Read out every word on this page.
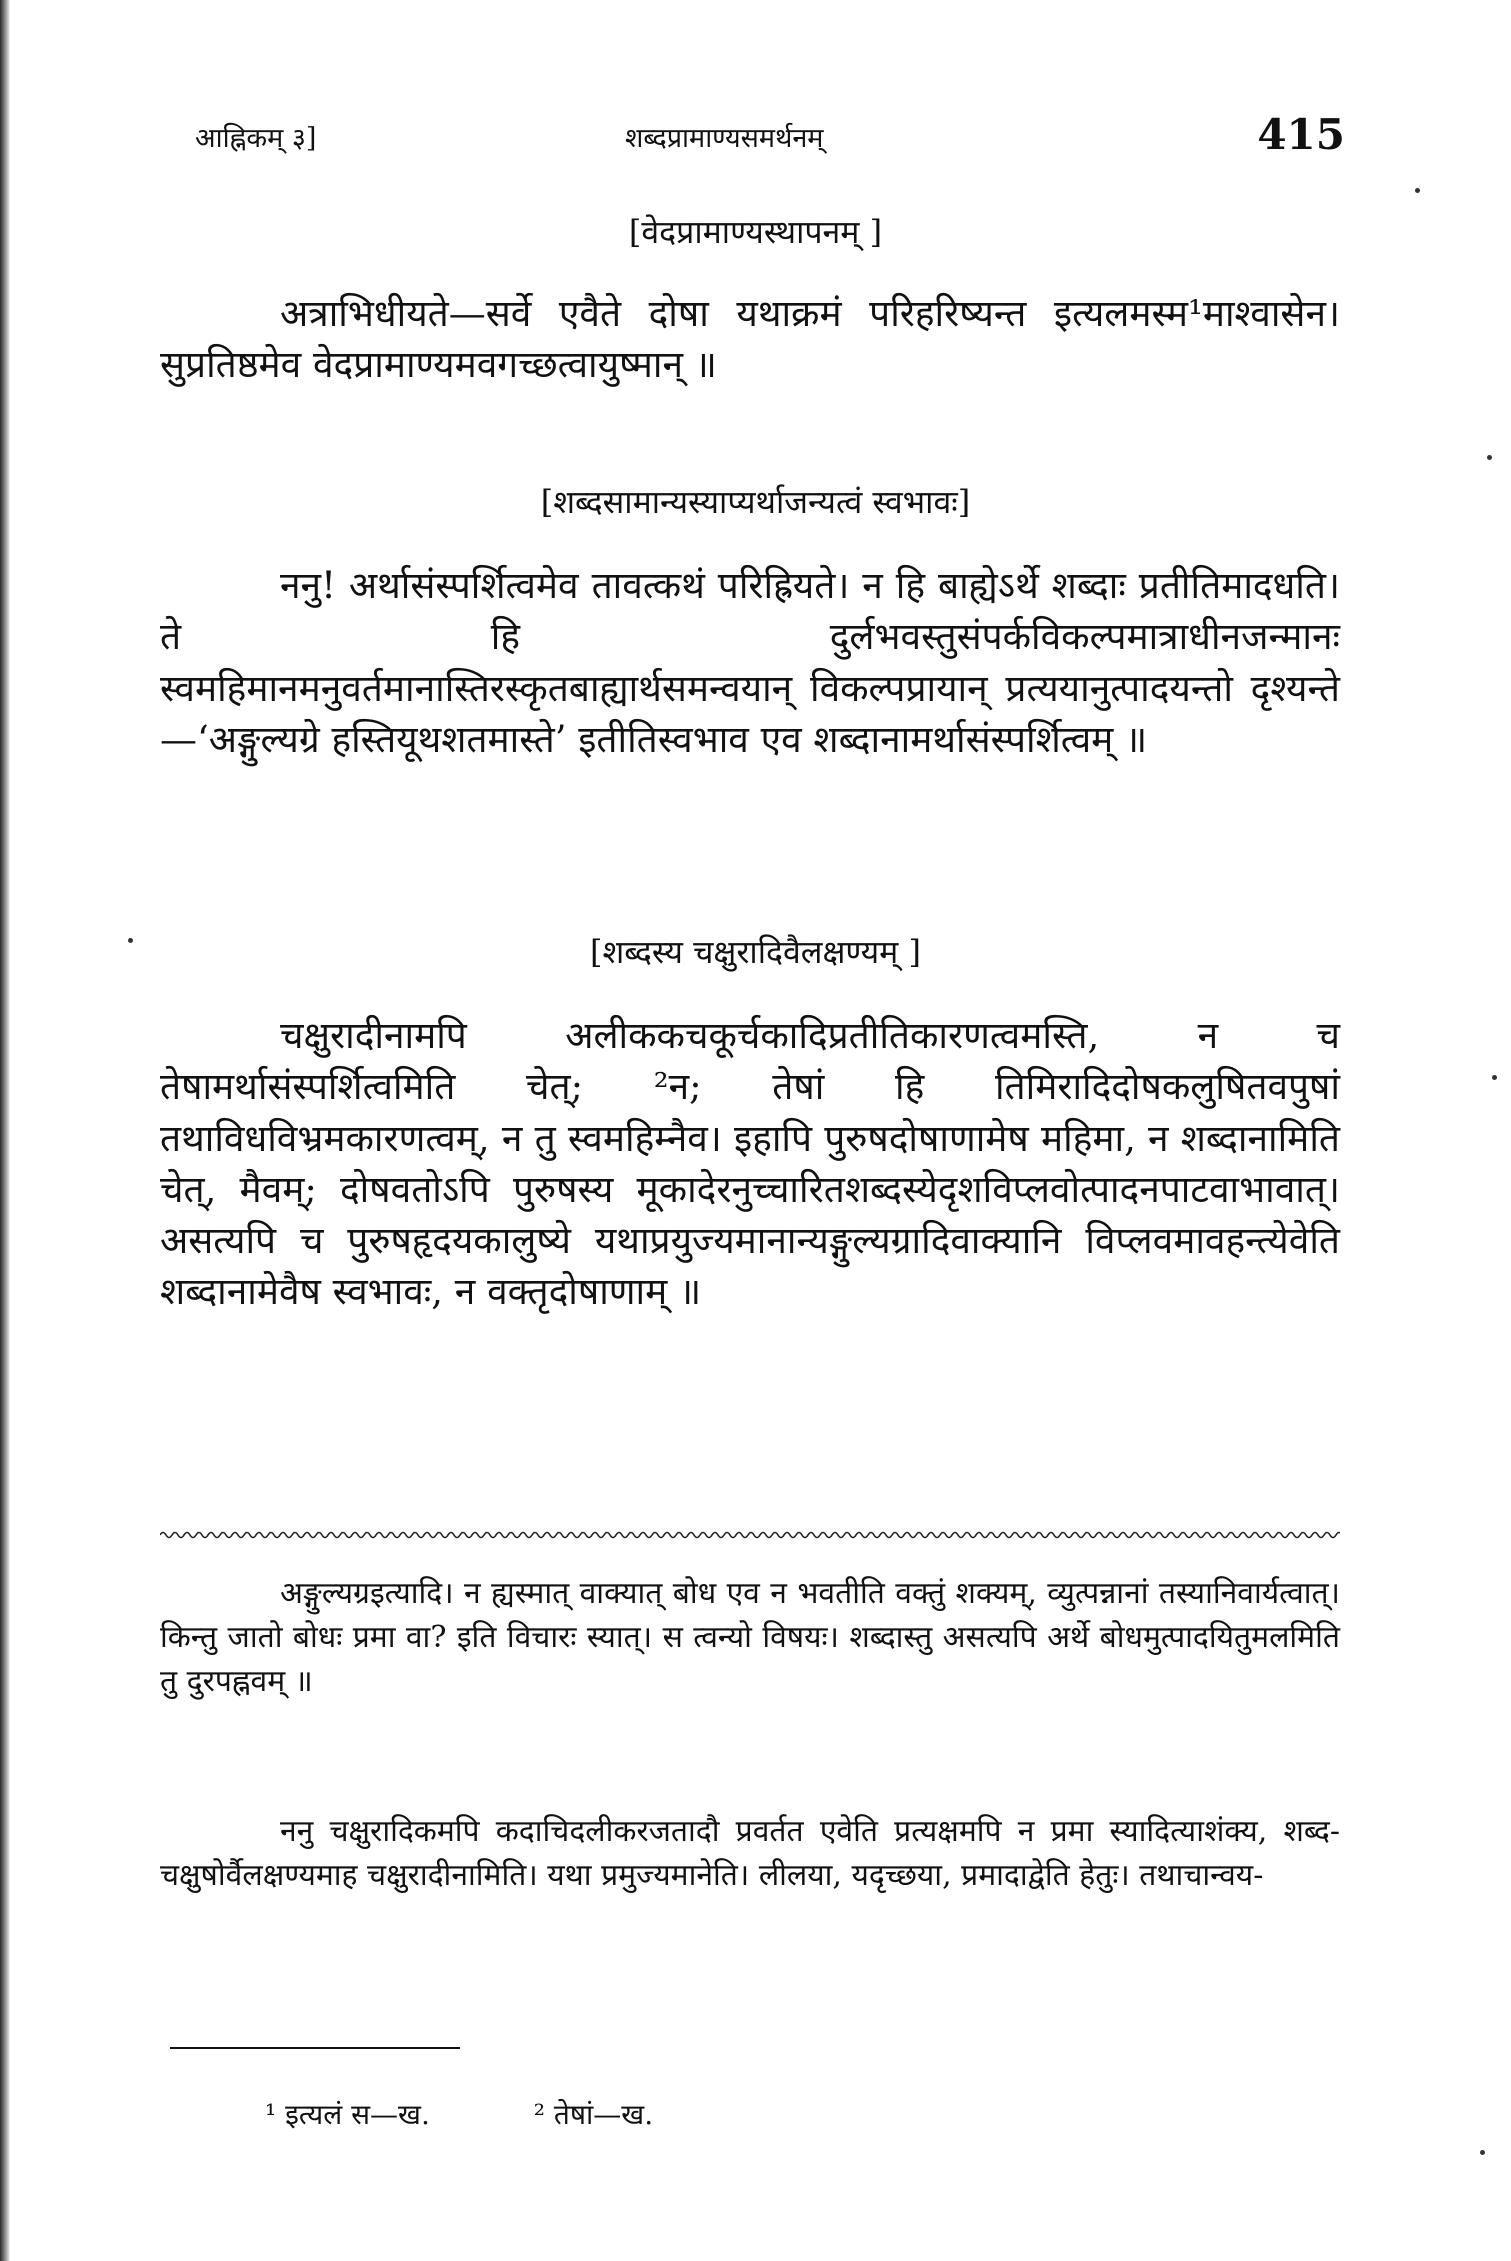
आह्निकम् ३]	शब्दप्रामाण्यसमर्थनम्	415
[वेदप्रामाण्यस्थापनम् ]
अत्राभिधीयते—सर्वे एवैते दोषा यथाक्रमं परिहरिष्यन्त इत्यलमस्म¹माश्वासेन। सुप्रतिष्ठमेव वेदप्रामाण्यमवगच्छत्वायुष्मान् ॥
[शब्दसामान्यस्याप्यर्थाजन्यत्वं स्वभावः]
ननु! अर्थासंस्पर्शित्वमेव तावत्कथं परिह्रियते। न हि बाह्येऽर्थे शब्दाः प्रतीतिमादधति। ते हि दुर्लभवस्तुसंपर्कविकल्पमात्राधीनजन्मानः स्वमहिमानमनुवर्तमानास्तिरस्कृतबाह्यार्थसमन्वयान् विकल्पप्रायान् प्रत्ययानुत्पादयन्तो दृश्यन्ते—‘अङ्गुल्यग्रे हस्तियूथशतमास्ते’ इतीतिस्वभाव एव शब्दानामर्थासंस्पर्शित्वम् ॥
[शब्दस्य चक्षुरादिवैलक्षण्यम् ]
चक्षुरादीनामपि अलीककचकूर्चकादिप्रतीतिकारणत्वमस्ति, न च तेषामर्थासंस्पर्शित्वमिति चेत्; ²न; तेषां हि तिमिरादिदोषकलुषितवपुषां तथाविधविभ्रमकारणत्वम्, न तु स्वमहिम्नैव। इहापि पुरुषदोषाणामेष महिमा, न शब्दानामिति चेत्, मैवम्; दोषवतोऽपि पुरुषस्य मूकादेरनुच्चारितशब्दस्येदृशविप्लवोत्पादनपाटवाभावात्। असत्यपि च पुरुषहृदयकालुष्ये यथाप्रयुज्यमानान्यङ्गुल्यग्रादिवाक्यानि विप्लवमावहन्त्येवेति शब्दानामेवैष स्वभावः, न वक्तृदोषाणाम् ॥
अङ्गुल्यग्रइत्यादि। न ह्यस्मात् वाक्यात् बोध एव न भवतीति वक्तुं शक्यम्, व्युत्पन्नानां तस्यानिवार्यत्वात्। किन्तु जातो बोधः प्रमा वा? इति विचारः स्यात्। स त्वन्यो विषयः। शब्दास्तु असत्यपि अर्थे बोधमुत्पादयितुमलमिति तु दुरपह्नवम् ॥
ननु चक्षुरादिकमपि कदाचिदलीकरजतादौ प्रवर्तत एवेति प्रत्यक्षमपि न प्रमा स्यादित्याशंक्य, शब्द-चक्षुषोर्वैलक्षण्यमाह चक्षुरादीनामिति। यथा प्रमुज्यमानेति। लीलया, यदृच्छया, प्रमादाद्वेति हेतुः। तथाचान्वय-
¹ इत्यलं स—ख.	² तेषां—ख.
